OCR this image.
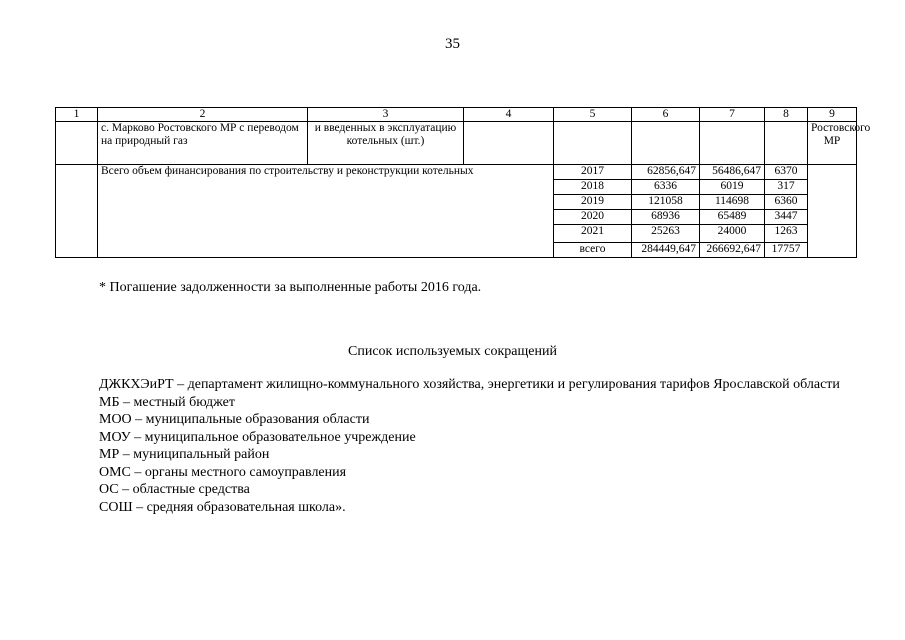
35
1	2	3	4	5	6	7	8	9
	с. Марково Ростовского МР с переводом на природный газ	и введенных в эксплуатацию котельных (шт.)						Ростовского МР
	Всего объем финансирования по строительству и реконструкции котельных			2017	62856,647	56486,647	6370	
				2018	6336	6019	317	
				2019	121058	114698	6360	
				2020	68936	65489	3447	
				2021	25263	24000	1263	
				всего	284449,647	266692,647	17757	
* Погашение задолженности за выполненные работы 2016 года.
Список используемых сокращений
ДЖКХЭиРТ – департамент жилищно-коммунального хозяйства, энергетики и регулирования тарифов Ярославской области
МБ – местный бюджет
МОО – муниципальные образования области
МОУ – муниципальное образовательное учреждение
МР – муниципальный район
ОМС – органы местного самоуправления
ОС – областные средства
СОШ – средняя образовательная школа».
